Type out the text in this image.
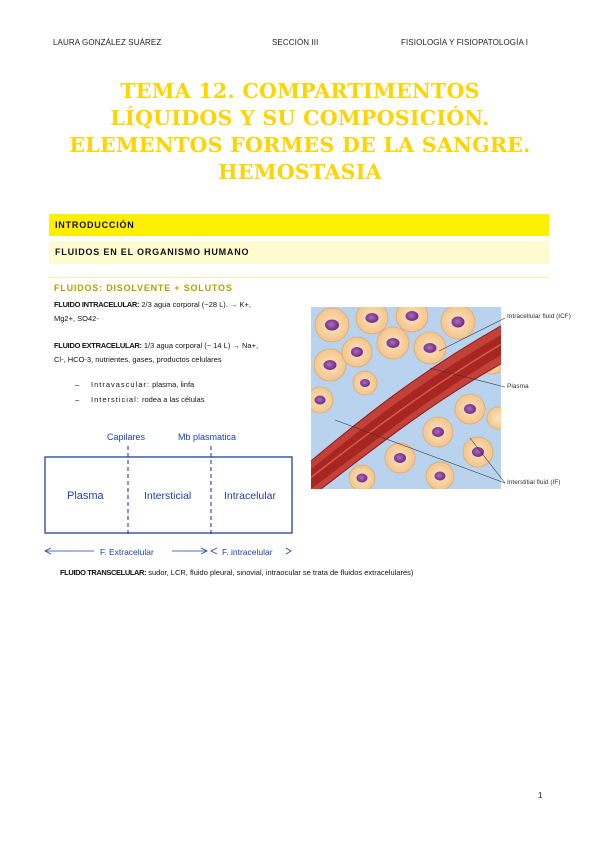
LAURA GONZÁLEZ SUÁREZ	SECCIÓN III	FISIOLOGÍA Y FISIOPATOLOGÍA I
TEMA 12. COMPARTIMENTOS
LÍQUIDOS Y SU COMPOSICIÓN.
ELEMENTOS FORMES DE LA SANGRE.
HEMOSTASIA
INTRODUCCIÓN
FLUIDOS EN EL ORGANISMO HUMANO
FLUIDOS: DISOLVENTE + SOLUTOS
FLUIDO INTRACELULAR: 2/3 agua corporal (~28 L). → K+,
Mg2+, SO42-
FLUIDO EXTRACELULAR: 1/3 agua corporal (~ 14 L) → Na+,
Cl-, HCO-3, nutrientes, gases, productos celulares
– Intravascular: plasma, linfa
– Intersticial: rodea a las células
Capilares	Mb plasmatica
Plasma	Intersticial	Intracelular
F. Extracelular	F. intracelular
Intracellular fluid (ICF)
Plasma
Interstitial fluid (IF)
FLUIDO TRANSCELULAR: sudor, LCR, fluido pleural, sinovial, intraocular se trata de fluidos extracelulares)
1
